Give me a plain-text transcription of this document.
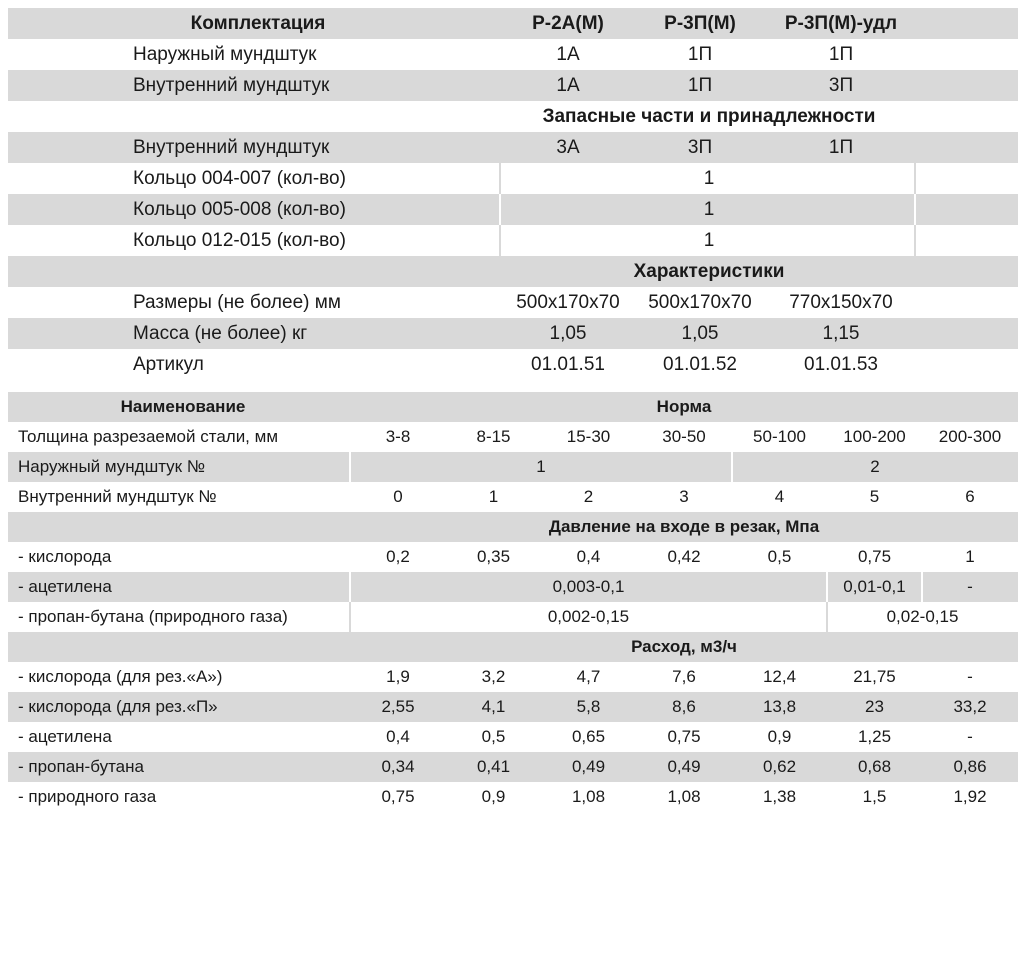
Комплектация	Р-2А(М)	Р-3П(М)	Р-3П(М)-удл
Наружный мундштук	1А	1П	1П
Внутренний мундштук	1А	1П	3П
Запасные части и принадлежности
Внутренний мундштук	3А	3П	1П
Кольцо 004-007 (кол-во)	1
Кольцо 005-008 (кол-во)	1
Кольцо 012-015 (кол-во)	1
Характеристики
Размеры (не более) мм	500x170x70	500x170x70	770x150x70
Масса (не более) кг	1,05	1,05	1,15
Артикул	01.01.51	01.01.52	01.01.53
Наименование	Норма
Толщина разрезаемой стали, мм	3-8	8-15	15-30	30-50	50-100	100-200	200-300
Наружный мундштук №	1	2
Внутренний мундштук №	0	1	2	3	4	5	6
Давление на входе в резак, Мпа
- кислорода	0,2	0,35	0,4	0,42	0,5	0,75	1
- ацетилена	0,003-0,1	0,01-0,1	-
- пропан-бутана (природного газа)	0,002-0,15	0,02-0,15
Расход, м3/ч
- кислорода (для рез.«А»)	1,9	3,2	4,7	7,6	12,4	21,75	-
- кислорода (для рез.«П»	2,55	4,1	5,8	8,6	13,8	23	33,2
- ацетилена	0,4	0,5	0,65	0,75	0,9	1,25	-
- пропан-бутана	0,34	0,41	0,49	0,49	0,62	0,68	0,86
- природного газа	0,75	0,9	1,08	1,08	1,38	1,5	1,92
